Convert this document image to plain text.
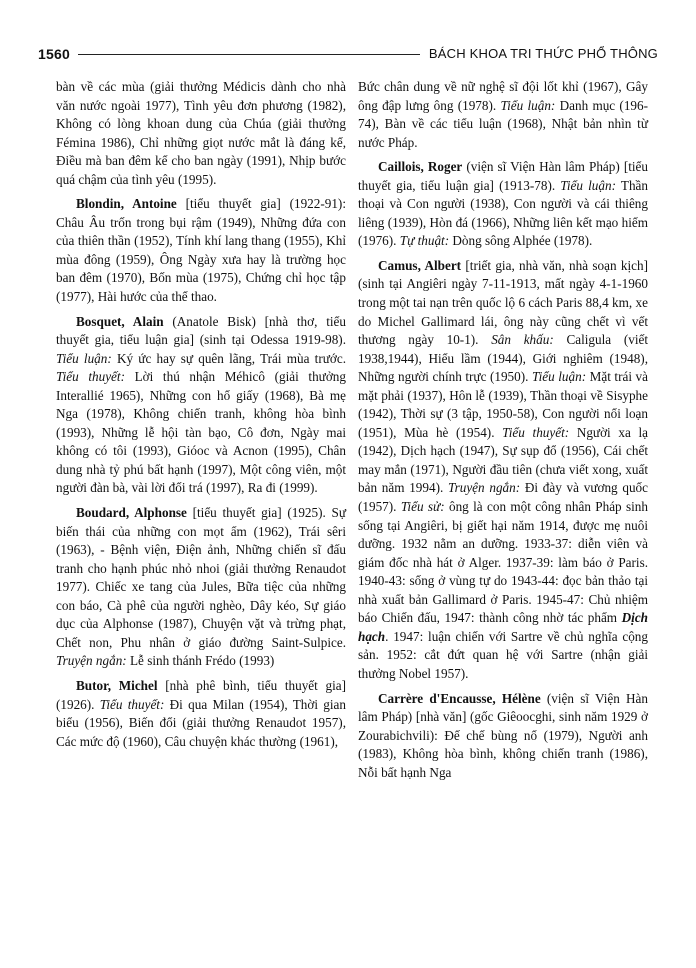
1560	BÁCH KHOA TRI THỨC PHỔ THÔNG

bàn về các mùa (giải thưởng Médicis dành cho nhà văn nước ngoài 1977), Tình yêu đơn phương (1982), Không có lòng khoan dung của Chúa (giải thưởng Fémina 1986), Chỉ những giọt nước mắt là đáng kể, Điều mà ban đêm kể cho ban ngày (1991), Nhịp bước quá chậm của tình yêu (1995).

Blondin, Antoine [tiểu thuyết gia] (1922-91): Châu Âu trốn trong bụi rậm (1949), Những đứa con của thiên thần (1952), Tính khí lang thang (1955), Khỉ mùa đông (1959), Ông Ngày xưa hay là trường học ban đêm (1970), Bốn mùa (1975), Chứng chỉ học tập (1977), Hài hước của thể thao.

Bosquet, Alain (Anatole Bisk) [nhà thơ, tiểu thuyết gia, tiểu luận gia] (sinh tại Odessa 1919-98). Tiểu luận: Ký ức hay sự quên lãng, Trái mùa trước. Tiểu thuyết: Lời thú nhận Méhicô (giải thưởng Interallié 1965), Những con hổ giấy (1968), Bà mẹ Nga (1978), Không chiến tranh, không hòa bình (1993), Những lễ hội tàn bạo, Cô đơn, Ngày mai không có tôi (1993), Gióoc và Acnon (1995), Chân dung nhà tỷ phú bất hạnh (1997), Một công viên, một người đàn bà, vài lời đối trá (1997), Ra đi (1999).

Boudard, Alphonse [tiểu thuyết gia] (1925). Sự biến thái của những con mọt ẩm (1962), Trái sêri (1963), - Bệnh viện, Điện ảnh, Những chiến sĩ đấu tranh cho hạnh phúc nhỏ nhoi (giải thưởng Renaudot 1977). Chiếc xe tang của Jules, Bữa tiệc của những con báo, Cà phê của người nghèo, Dây kéo, Sự giáo dục của Alphonse (1987), Chuyện vặt và trừng phạt, Chết non, Phu nhân ở giáo đường Saint-Sulpice. Truyện ngắn: Lễ sinh thánh Frédo (1993)

Butor, Michel [nhà phê bình, tiểu thuyết gia] (1926). Tiểu thuyết: Đi qua Milan (1954), Thời gian biểu (1956), Biến đổi (giải thưởng Renaudot 1957), Các mức độ (1960), Câu chuyện khác thường (1961),

Bức chân dung về nữ nghệ sĩ đội lốt khỉ (1967), Gây ông đập lưng ông (1978). Tiểu luận: Danh mục (196-74), Bàn về các tiểu luận (1968), Nhật bản nhìn từ nước Pháp.

Caillois, Roger (viện sĩ Viện Hàn lâm Pháp) [tiểu thuyết gia, tiểu luận gia] (1913-78). Tiểu luận: Thần thoại và Con người (1938), Con người và cái thiêng liêng (1939), Hòn đá (1966), Những liên kết mạo hiểm (1976). Tự thuật: Dòng sông Alphée (1978).

Camus, Albert [triết gia, nhà văn, nhà soạn kịch] (sinh tại Angiêri ngày 7-11-1913, mất ngày 4-1-1960 trong một tai nạn trên quốc lộ 6 cách Paris 88,4 km, xe do Michel Gallimard lái, ông này cũng chết vì vết thương ngày 10-1). Sân khấu: Caligula (viết 1938,1944), Hiểu lầm (1944), Giới nghiêm (1948), Những người chính trực (1950). Tiểu luận: Mặt trái và mặt phải (1937), Hôn lễ (1939), Thần thoại về Sisyphe (1942), Thời sự (3 tập, 1950-58), Con người nổi loạn (1951), Mùa hè (1954). Tiểu thuyết: Người xa lạ (1942), Dịch hạch (1947), Sự sụp đổ (1956), Cái chết may mắn (1971), Người đầu tiên (chưa viết xong, xuất bản năm 1994). Truyện ngắn: Đi đày và vương quốc (1957). Tiểu sử: ông là con một công nhân Pháp sinh sống tại Angiêri, bị giết hại năm 1914, được mẹ nuôi dưỡng. 1932 nằm an dưỡng. 1933-37: diễn viên và giám đốc nhà hát ở Alger. 1937-39: làm báo ở Paris. 1940-43: sống ở vùng tự do 1943-44: đọc bản thảo tại nhà xuất bản Gallimard ở Paris. 1945-47: Chủ nhiệm báo Chiến đấu, 1947: thành công nhờ tác phẩm Dịch hạch. 1947: luận chiến với Sartre về chủ nghĩa cộng sản. 1952: cắt đứt quan hệ với Sartre (nhận giải thưởng Nobel 1957).

Carrère d'Encausse, Hélène (viện sĩ Viện Hàn lâm Pháp) [nhà văn] (gốc Giêoocghi, sinh năm 1929 ở Zourabichvili): Đế chế bùng nổ (1979), Người anh (1983), Không hòa bình, không chiến tranh (1986), Nỗi bất hạnh Nga
